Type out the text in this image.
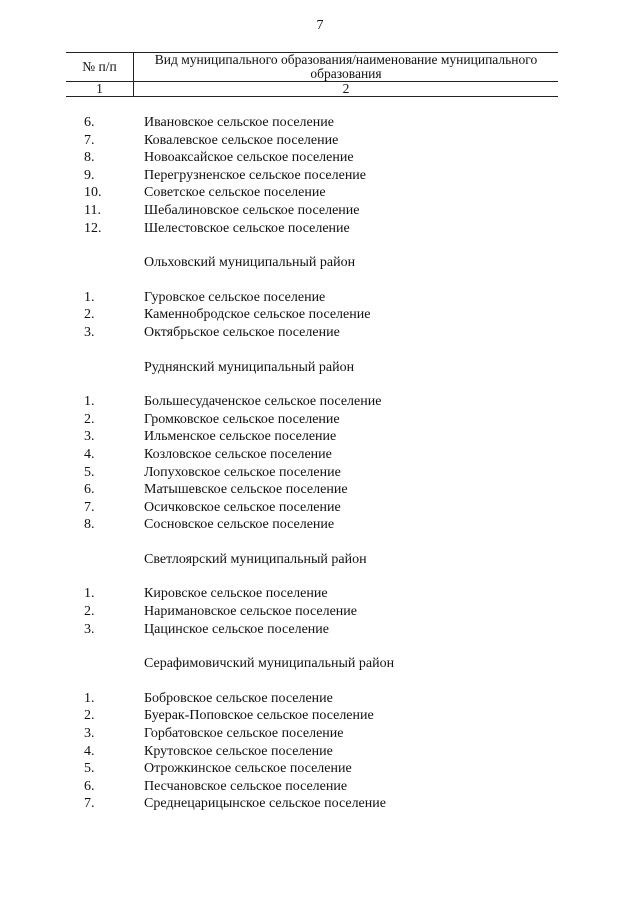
7
№ п/п	Вид муниципального образования/наименование муниципального образования
1	2
6.	Ивановское сельское поселение
7.	Ковалевское сельское поселение
8.	Новоаксайское сельское поселение
9.	Перегрузненское сельское поселение
10.	Советское сельское поселение
11.	Шебалиновское сельское поселение
12.	Шелестовское сельское поселение
Ольховский муниципальный район
1.	Гуровское сельское поселение
2.	Каменнобродское сельское поселение
3.	Октябрьское сельское поселение
Руднянский муниципальный район
1.	Большесудаченское сельское поселение
2.	Громковское сельское поселение
3.	Ильменское сельское поселение
4.	Козловское сельское поселение
5.	Лопуховское сельское поселение
6.	Матышевское сельское поселение
7.	Осичковское сельское поселение
8.	Сосновское сельское поселение
Светлоярский муниципальный район
1.	Кировское сельское поселение
2.	Наримановское сельское поселение
3.	Цацинское сельское поселение
Серафимовичский муниципальный район
1.	Бобровское сельское поселение
2.	Буерак-Поповское сельское поселение
3.	Горбатовское сельское поселение
4.	Крутовское сельское поселение
5.	Отрожкинское сельское поселение
6.	Песчановское сельское поселение
7.	Среднецарицынское сельское поселение
